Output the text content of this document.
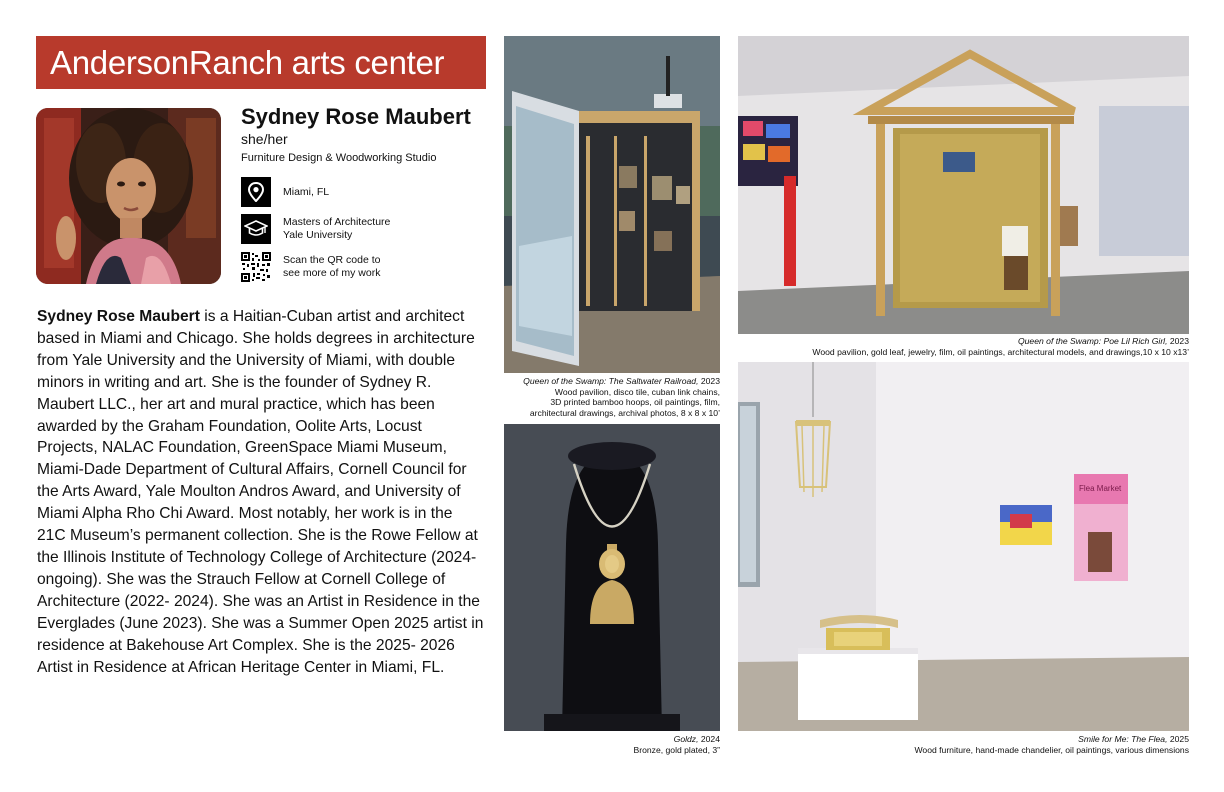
AndersonRanch arts center
Sydney Rose Maubert
she/her
Furniture Design & Woodworking Studio
Miami, FL
Masters of Architecture
Yale University
Scan the QR code to
see more of my work

Sydney Rose Maubert is a Haitian-Cuban artist and architect based in Miami and Chicago. She holds degrees in architecture from Yale University and the University of Miami, with double minors in writing and art. She is the founder of Sydney R. Maubert LLC., her art and mural practice, which has been awarded by the Graham Foundation, Oolite Arts, Locust Projects, NALAC Foundation, GreenSpace Miami Museum, Miami-Dade Department of Cultural Affairs, Cornell Council for the Arts Award, Yale Moulton Andros Award, and University of Miami Alpha Rho Chi Award. Most notably, her work is in the 21C Museum’s permanent collection. She is the Rowe Fellow at the Illinois Institute of Technology College of Architecture (2024- ongoing). She was the Strauch Fellow at Cornell College of Architecture (2022- 2024). She was an Artist in Residence in the Everglades (June 2023). She was a Summer Open 2025 artist in residence at Bakehouse Art Complex. She is the 2025- 2026 Artist in Residence at African Heritage Center in Miami, FL.

Queen of the Swamp: The Saltwater Railroad, 2023
Wood pavilion, disco tile, cuban link chains,
3D printed bamboo hoops, oil paintings, film,
architectural drawings, archival photos, 8 x 8 x 10’
Queen of the Swamp: Poe Lil Rich Girl, 2023
Wood pavilion, gold leaf, jewelry, film, oil paintings, architectural models, and drawings,10 x 10 x13’
Goldz, 2024
Bronze, gold plated, 3”
Flea Market
Smile for Me: The Flea, 2025
Wood furniture, hand-made chandelier, oil paintings, various dimensions
